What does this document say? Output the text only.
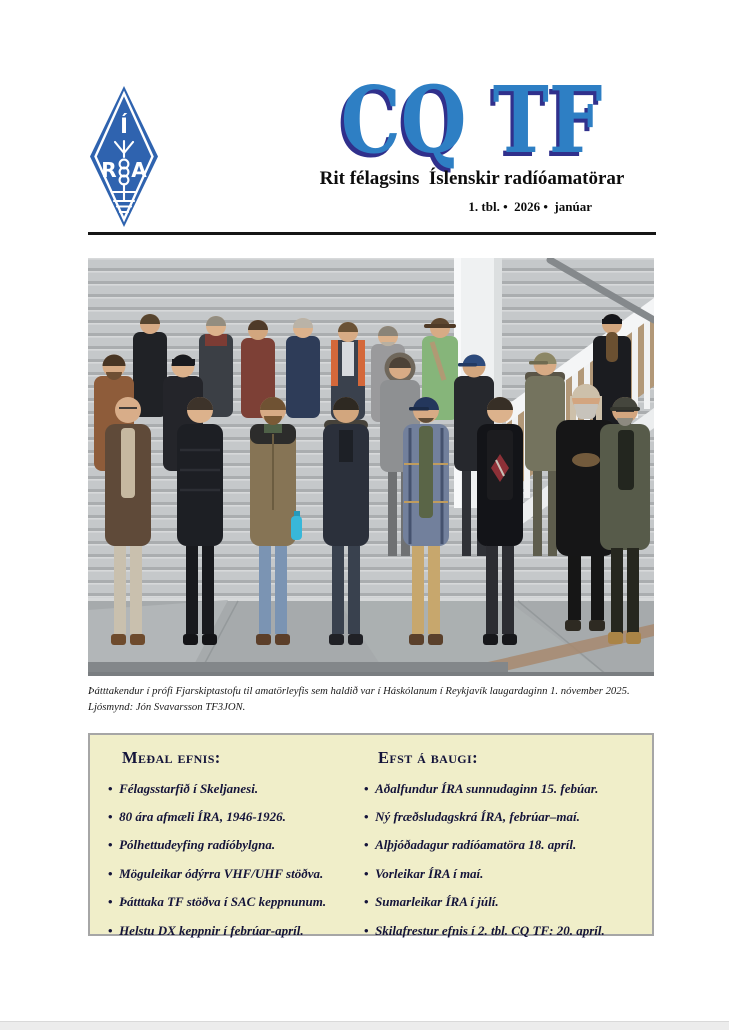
Í
R A	CQ TF
Rit félagsins  Íslenskir radíóamatörar
1. tbl. •  2026 •  janúar
Þátttakendur í prófi Fjarskiptastofu til amatörleyfis sem haldið var í Háskólanum í Reykjavík laugardaginn 1. nóvember 2025.
Ljósmynd: Jón Svavarsson TF3JON.
Meðal efnis:
• Félagsstarfið í Skeljanesi.
• 80 ára afmæli ÍRA, 1946-1926.
• Pólhettudeyfing radíóbylgna.
• Möguleikar ódýrra VHF/UHF stöðva.
• Þátttaka TF stöðva í SAC keppnunum.
• Helstu DX keppnir í febrúar-apríl.
Efst á baugi:
• Aðalfundur ÍRA sunnudaginn 15. febúar.
• Ný fræðsludagskrá ÍRA, febrúar–maí.
• Alþjóðadagur radíóamatöra 18. apríl.
• Vorleikar ÍRA í maí.
• Sumarleikar ÍRA í júlí.
• Skilafrestur efnis í 2. tbl. CQ TF: 20. apríl.
